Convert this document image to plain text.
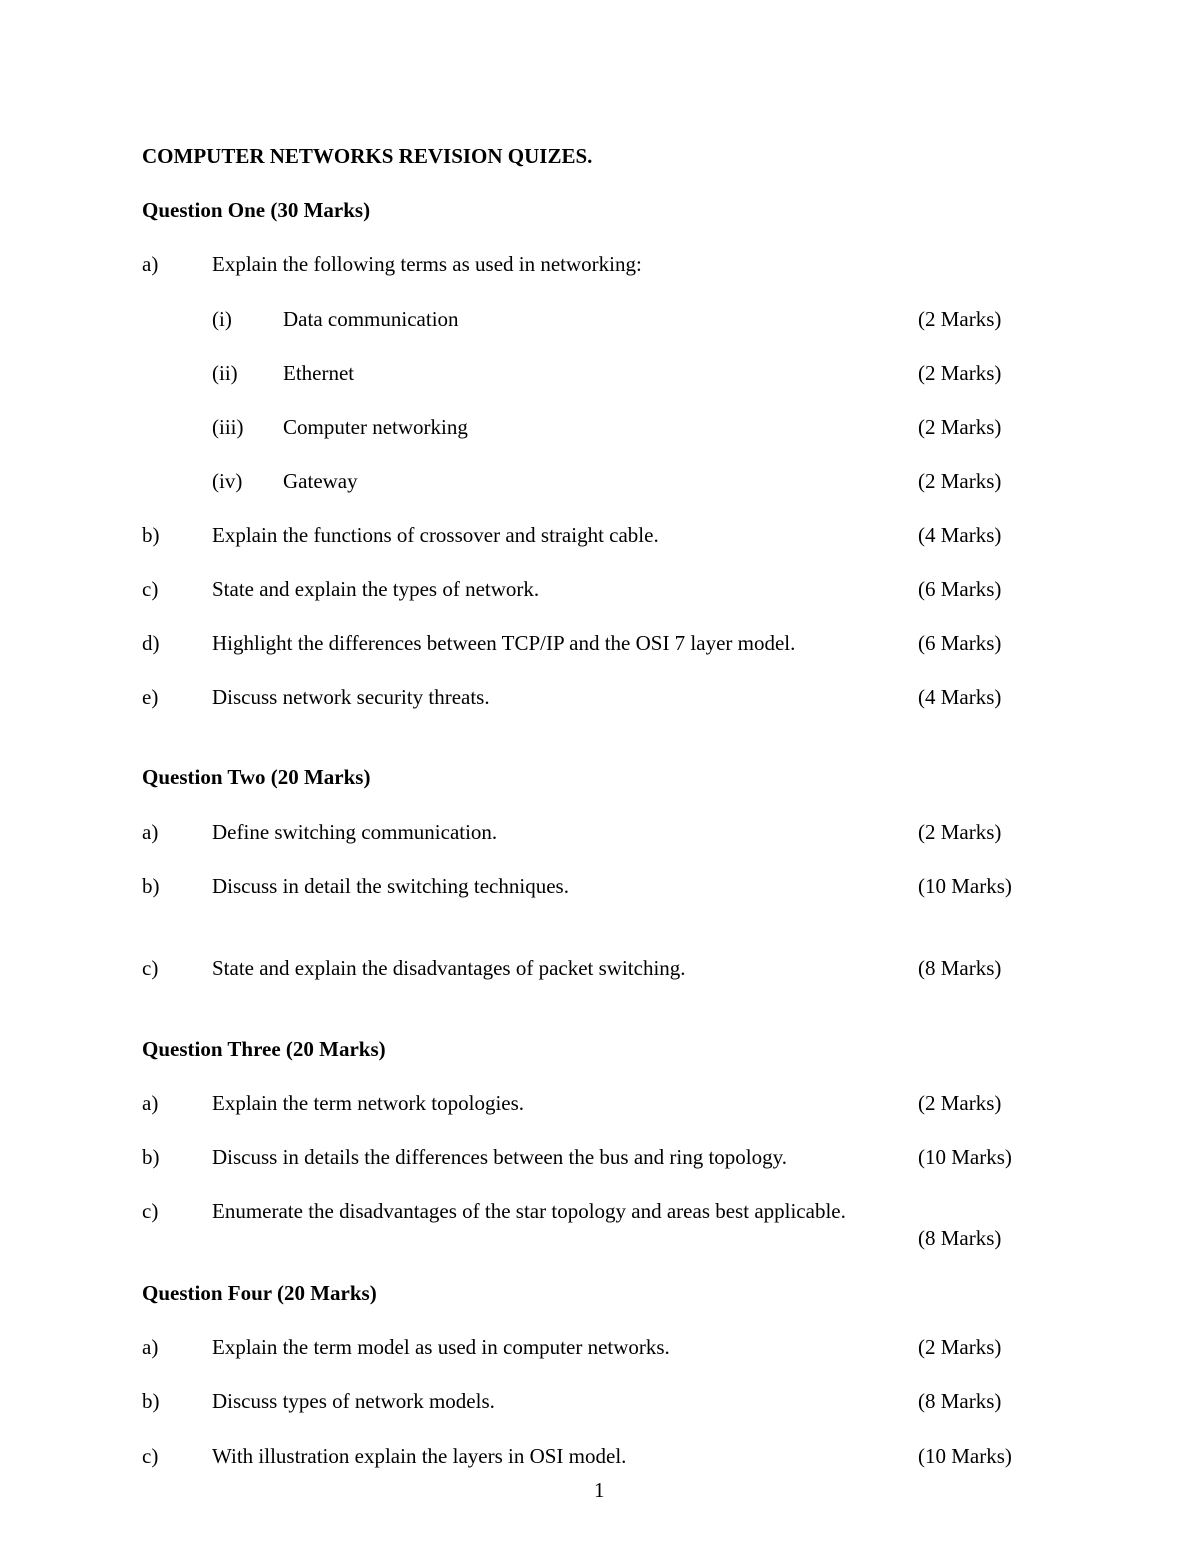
COMPUTER NETWORKS REVISION QUIZES.
Question One (30 Marks)
a)	Explain the following terms as used in networking:
(i) Data communication	(2 Marks)
(ii) Ethernet	(2 Marks)
(iii) Computer networking	(2 Marks)
(iv) Gateway	(2 Marks)
b)	Explain the functions of crossover and straight cable.	(4 Marks)
c)	State and explain the types of network.	(6 Marks)
d)	Highlight the differences between TCP/IP and the OSI 7 layer model.	(6 Marks)
e)	Discuss network security threats.	(4 Marks)
Question Two (20 Marks)
a)	Define switching communication.	(2 Marks)
b)	Discuss in detail the switching techniques.	(10 Marks)
c)	State and explain the disadvantages of packet switching.	(8 Marks)
Question Three (20 Marks)
a)	Explain the term network topologies.	(2 Marks)
b)	Discuss in details the differences between the bus and ring topology.	(10 Marks)
c)	Enumerate the disadvantages of the star topology and areas best applicable.
(8 Marks)
Question Four (20 Marks)
a)	Explain the term model as used in computer networks.	(2 Marks)
b)	Discuss types of network models.	(8 Marks)
c)	With illustration explain the layers in OSI model.	(10 Marks)
1
